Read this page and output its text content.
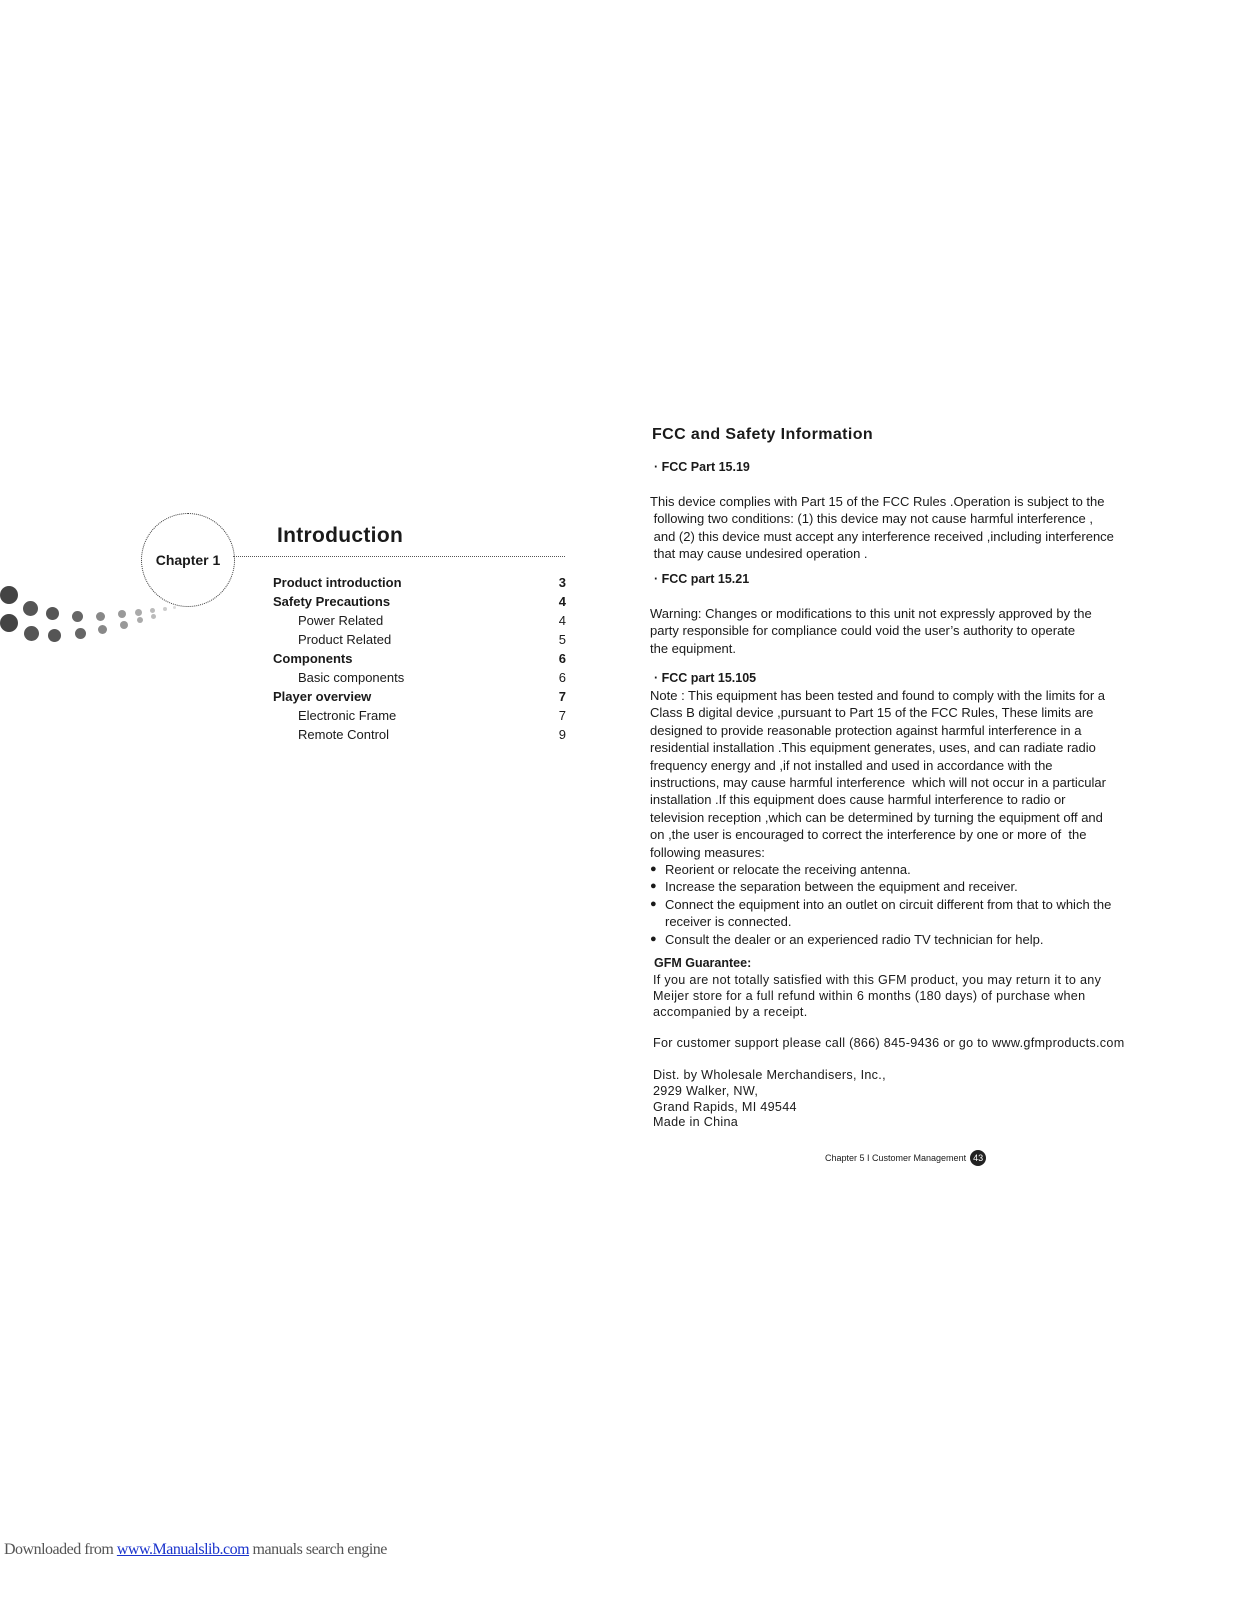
Chapter 1
Introduction
Product introduction	3
Safety Precautions	4
Power Related	4
Product Related	5
Components	6
Basic components	6
Player overview	7
Electronic Frame	7
Remote Control	9
FCC and Safety Information
· FCC Part 15.19
This device complies with Part 15 of the FCC Rules .Operation is subject to the
following two conditions: (1) this device may not cause harmful interference ,
and (2) this device must accept any interference received ,including interference
that may cause undesired operation .
· FCC part 15.21
Warning: Changes or modifications to this unit not expressly approved by the
party responsible for compliance could void the user’s authority to operate
the equipment.
· FCC part 15.105
Note : This equipment has been tested and found to comply with the limits for a
Class B digital device ,pursuant to Part 15 of the FCC Rules, These limits are
designed to provide reasonable protection against harmful interference in a
residential installation .This equipment generates, uses, and can radiate radio
frequency energy and ,if not installed and used in accordance with the
instructions, may cause harmful interference  which will not occur in a particular
installation .If this equipment does cause harmful interference to radio or
television reception ,which can be determined by turning the equipment off and
on ,the user is encouraged to correct the interference by one or more of  the
following measures:
● Reorient or relocate the receiving antenna.
● Increase the separation between the equipment and receiver.
● Connect the equipment into an outlet on circuit different from that to which the receiver is connected.
● Consult the dealer or an experienced radio TV technician for help.
GFM Guarantee:
If you are not totally satisfied with this GFM product, you may return it to any
Meijer store for a full refund within 6 months (180 days) of purchase when
accompanied by a receipt.
For customer support please call (866) 845-9436 or go to www.gfmproducts.com
Dist. by Wholesale Merchandisers, Inc.,
2929 Walker, NW,
Grand Rapids, MI 49544
Made in China
Chapter 5 I Customer Management 43
Downloaded from www.Manualslib.com manuals search engine
